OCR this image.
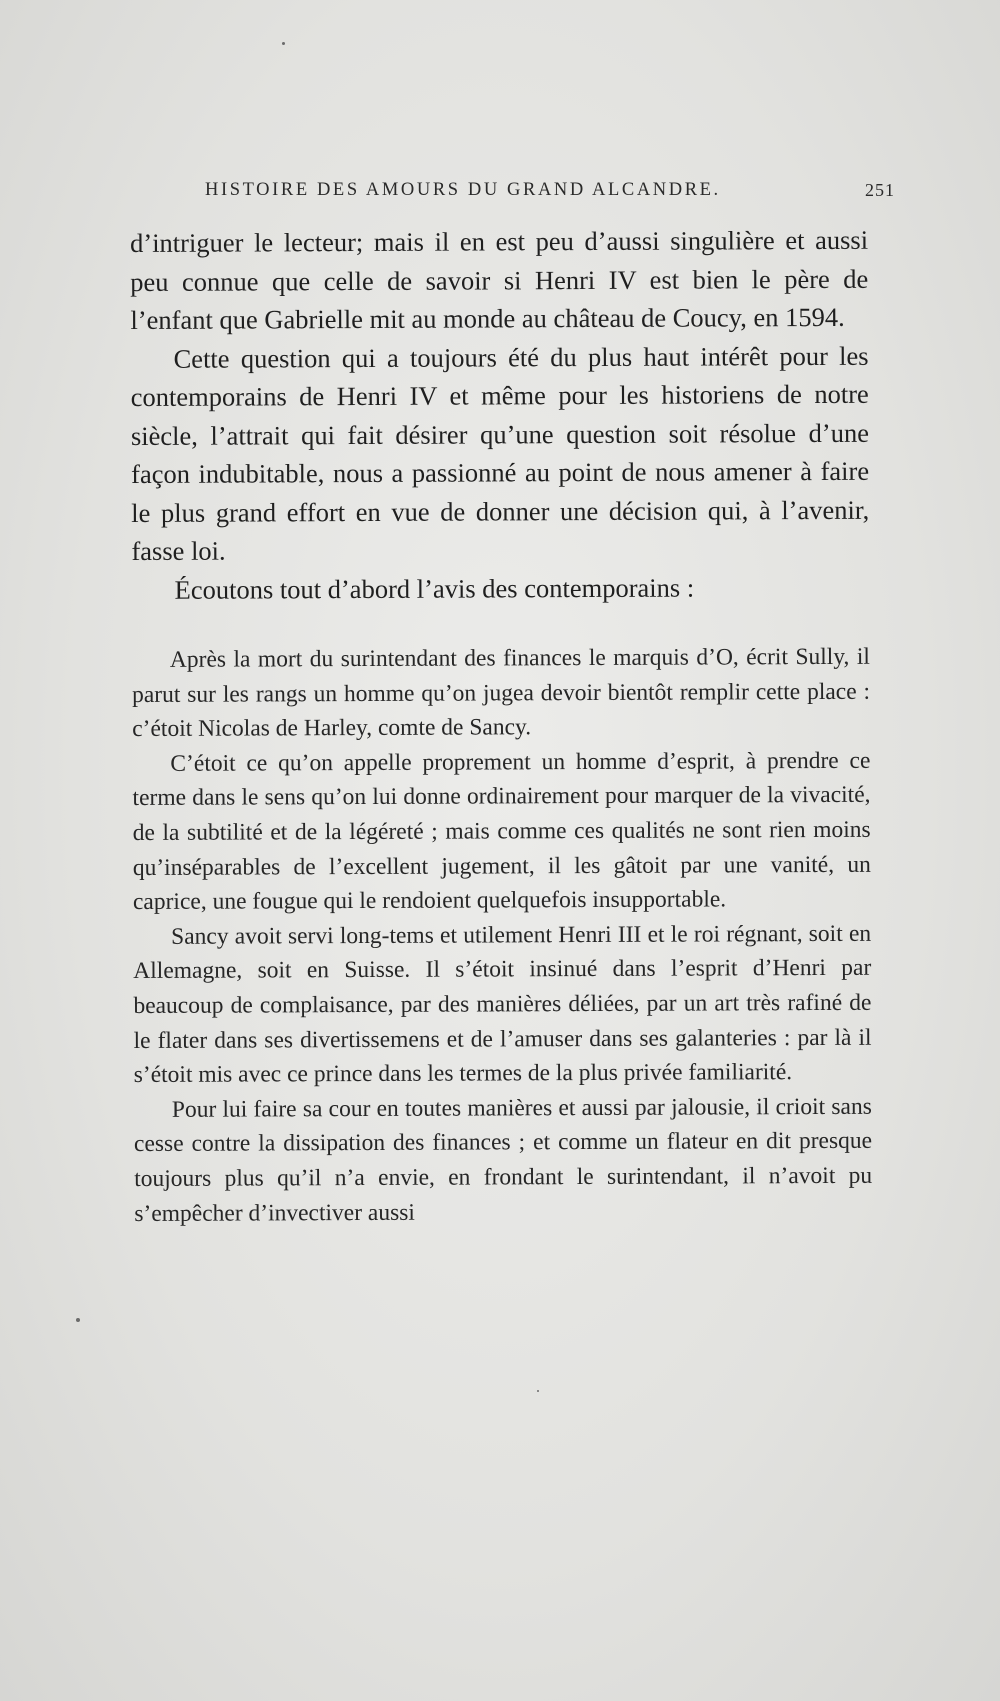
HISTOIRE DES AMOURS DU GRAND ALCANDRE.	251

d’intriguer le lecteur; mais il en est peu d’aussi singulière et aussi peu connue que celle de savoir si Henri IV est bien le père de l’enfant que Gabrielle mit au monde au château de Coucy, en 1594.

Cette question qui a toujours été du plus haut intérêt pour les contemporains de Henri IV et même pour les historiens de notre siècle, l’attrait qui fait désirer qu’une question soit résolue d’une façon indubitable, nous a passionné au point de nous amener à faire le plus grand effort en vue de donner une décision qui, à l’avenir, fasse loi.

Écoutons tout d’abord l’avis des contemporains :

Après la mort du surintendant des finances le marquis d’O, écrit Sully, il parut sur les rangs un homme qu’on jugea devoir bientôt remplir cette place : c’étoit Nicolas de Harley, comte de Sancy.

C’étoit ce qu’on appelle proprement un homme d’esprit, à prendre ce terme dans le sens qu’on lui donne ordinairement pour marquer de la vivacité, de la subtilité et de la légéreté ; mais comme ces qualités ne sont rien moins qu’inséparables de l’excellent jugement, il les gâtoit par une vanité, un caprice, une fougue qui le rendoient quelquefois insupportable.

Sancy avoit servi long-tems et utilement Henri III et le roi régnant, soit en Allemagne, soit en Suisse. Il s’étoit insinué dans l’esprit d’Henri par beaucoup de complaisance, par des manières déliées, par un art très rafiné de le flater dans ses divertissemens et de l’amuser dans ses galanteries : par là il s’étoit mis avec ce prince dans les termes de la plus privée familiarité.

Pour lui faire sa cour en toutes manières et aussi par jalousie, il crioit sans cesse contre la dissipation des finances ; et comme un flateur en dit presque toujours plus qu’il n’a envie, en frondant le surintendant, il n’avoit pu s’empêcher d’invectiver aussi
